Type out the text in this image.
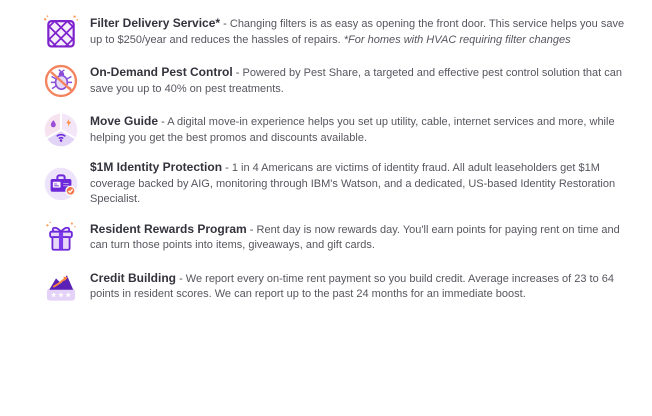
Filter Delivery Service* - Changing filters is as easy as opening the front door. This service helps you save up to $250/year and reduces the hassles of repairs. *For homes with HVAC requiring filter changes
On-Demand Pest Control - Powered by Pest Share, a targeted and effective pest control solution that can save you up to 40% on pest treatments.
Move Guide - A digital move-in experience helps you set up utility, cable, internet services and more, while helping you get the best promos and discounts available.
$1M Identity Protection - 1 in 4 Americans are victims of identity fraud. All adult leaseholders get $1M coverage backed by AIG, monitoring through IBM's Watson, and a dedicated, US-based Identity Restoration Specialist.
Resident Rewards Program - Rent day is now rewards day. You'll earn points for paying rent on time and can turn those points into items, giveaways, and gift cards.
Credit Building - We report every on-time rent payment so you build credit. Average increases of 23 to 64 points in resident scores. We can report up to the past 24 months for an immediate boost.
